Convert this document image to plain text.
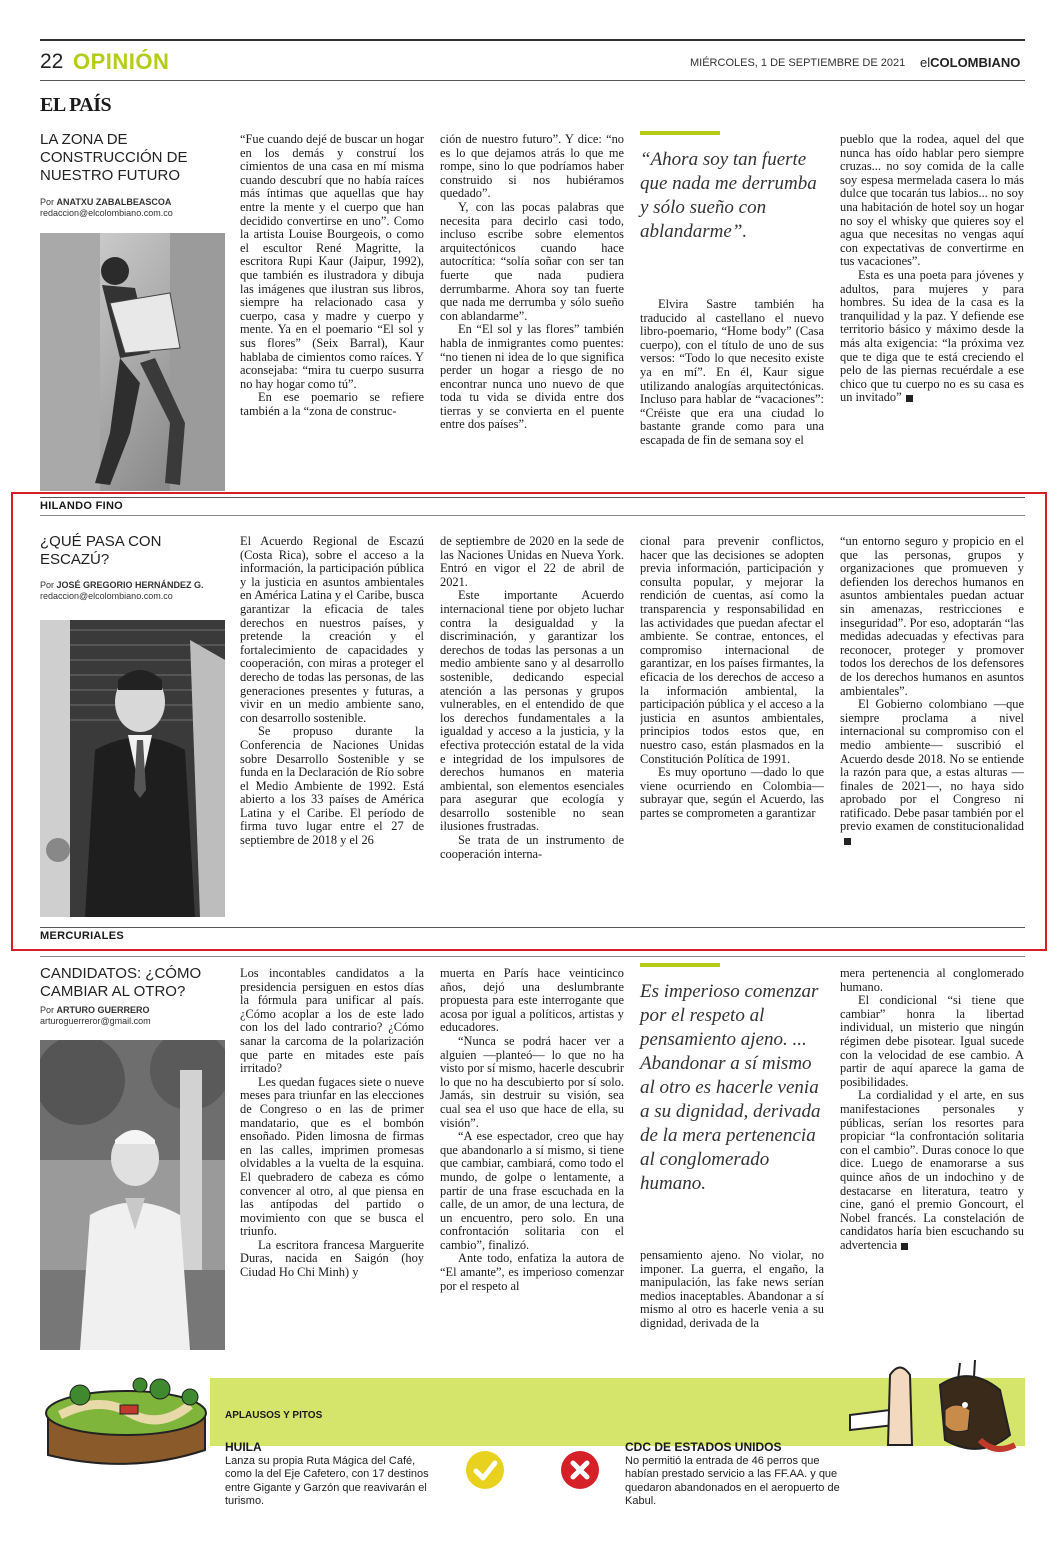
22 OPINIÓN	MIÉRCOLES, 1 DE SEPTIEMBRE DE 2021	elCOLOMBIANO
EL PAÍS
LA ZONA DE CONSTRUCCIÓN DE NUESTRO FUTURO
Por ANATXU ZABALBEASCOA
redaccion@elcolombiano.com.co

“Fue cuando dejé de buscar un hogar en los demás y construí los cimientos de una casa en mí misma cuando descubrí que no había raíces más íntimas que aquellas que hay entre la mente y el cuerpo que han decidido convertirse en uno”. Como la artista Louise Bourgeois, o como el escultor René Magritte, la escritora Rupi Kaur (Jaipur, 1992), que también es ilustradora y dibuja las imágenes que ilustran sus libros, siempre ha relacionado casa y cuerpo, casa y madre y cuerpo y mente. Ya en el poemario “El sol y sus flores” (Seix Barral), Kaur hablaba de cimientos como raíces. Y aconsejaba: “mira tu cuerpo susurra no hay hogar como tú”.

En ese poemario se refiere también a la “zona de construc-

ción de nuestro futuro”. Y dice: “no es lo que dejamos atrás lo que me rompe, sino lo que podríamos haber construido si nos hubiéramos quedado”.

Y, con las pocas palabras que necesita para decirlo casi todo, incluso escribe sobre elementos arquitectónicos cuando hace autocrítica: “solía soñar con ser tan fuerte que nada pudiera derrumbarme. Ahora soy tan fuerte que nada me derrumba y sólo sueño con ablandarme”.

En “El sol y las flores” también habla de inmigrantes como puentes: “no tienen ni idea de lo que significa perder un hogar a riesgo de no encontrar nunca uno nuevo de que toda tu vida se divida entre dos tierras y se convierta en el puente entre dos países”.

“Ahora soy tan fuerte que nada me derrumba y sólo sueño con ablandarme”.

Elvira Sastre también ha traducido al castellano el nuevo libro-poemario, “Home body” (Casa cuerpo), con el título de uno de sus versos: “Todo lo que necesito existe ya en mí”. En él, Kaur sigue utilizando analogías arquitectónicas. Incluso para hablar de “vacaciones”: “Créiste que era una ciudad lo bastante grande como para una escapada de fin de semana soy el

pueblo que la rodea, aquel del que nunca has oído hablar pero siempre cruzas... no soy comida de la calle soy espesa mermelada casera lo más dulce que tocarán tus labios... no soy una habitación de hotel soy un hogar no soy el whisky que quieres soy el agua que necesitas no vengas aquí con expectativas de convertirme en tus vacaciones”.

Esta es una poeta para jóvenes y adultos, para mujeres y para hombres. Su idea de la casa es la tranquilidad y la paz. Y defiende ese territorio básico y máximo desde la más alta exigencia: “la próxima vez que te diga que te está creciendo el pelo de las piernas recuérdale a ese chico que tu cuerpo no es su casa es un invitado”

HILANDO FINO
¿QUÉ PASA CON ESCAZÚ?
Por JOSÉ GREGORIO HERNÁNDEZ G.
redaccion@elcolombiano.com.co

El Acuerdo Regional de Escazú (Costa Rica), sobre el acceso a la información, la participación pública y la justicia en asuntos ambientales en América Latina y el Caribe, busca garantizar la eficacia de tales derechos en nuestros países, y pretende la creación y el fortalecimiento de capacidades y cooperación, con miras a proteger el derecho de todas las personas, de las generaciones presentes y futuras, a vivir en un medio ambiente sano, con desarrollo sostenible.

Se propuso durante la Conferencia de Naciones Unidas sobre Desarrollo Sostenible y se funda en la Declaración de Río sobre el Medio Ambiente de 1992. Está abierto a los 33 países de América Latina y el Caribe. El período de firma tuvo lugar entre el 27 de septiembre de 2018 y el 26

de septiembre de 2020 en la sede de las Naciones Unidas en Nueva York. Entró en vigor el 22 de abril de 2021.

Este importante Acuerdo internacional tiene por objeto luchar contra la desigualdad y la discriminación, y garantizar los derechos de todas las personas a un medio ambiente sano y al desarrollo sostenible, dedicando especial atención a las personas y grupos vulnerables, en el entendido de que los derechos fundamentales a la igualdad y acceso a la justicia, y la efectiva protección estatal de la vida e integridad de los impulsores de derechos humanos en materia ambiental, son elementos esenciales para asegurar que ecología y desarrollo sostenible no sean ilusiones frustradas.

Se trata de un instrumento de cooperación interna-

cional para prevenir conflictos, hacer que las decisiones se adopten previa información, participación y consulta popular, y mejorar la rendición de cuentas, así como la transparencia y responsabilidad en las actividades que puedan afectar el ambiente. Se contrae, entonces, el compromiso internacional de garantizar, en los países firmantes, la eficacia de los derechos de acceso a la información ambiental, la participación pública y el acceso a la justicia en asuntos ambientales, principios todos estos que, en nuestro caso, están plasmados en la Constitución Política de 1991.

Es muy oportuno —dado lo que viene ocurriendo en Colombia— subrayar que, según el Acuerdo, las partes se comprometen a garantizar

“un entorno seguro y propicio en el que las personas, grupos y organizaciones que promueven y defienden los derechos humanos en asuntos ambientales puedan actuar sin amenazas, restricciones e inseguridad”. Por eso, adoptarán “las medidas adecuadas y efectivas para reconocer, proteger y promover todos los derechos de los defensores de los derechos humanos en asuntos ambientales”.

El Gobierno colombiano —que siempre proclama a nivel internacional su compromiso con el medio ambiente— suscribió el Acuerdo desde 2018. No se entiende la razón para que, a estas alturas —finales de 2021—, no haya sido aprobado por el Congreso ni ratificado. Debe pasar también por el previo examen de constitucionalidad

MERCURIALES
CANDIDATOS: ¿CÓMO CAMBIAR AL OTRO?
Por ARTURO GUERRERO
arturoguerreror@gmail.com

Los incontables candidatos a la presidencia persiguen en estos días la fórmula para unificar al país. ¿Cómo acoplar a los de este lado con los del lado contrario? ¿Cómo sanar la carcoma de la polarización que parte en mitades este país irritado?

Les quedan fugaces siete o nueve meses para triunfar en las elecciones de Congreso o en las de primer mandatario, que es el bombón ensoñado. Piden limosna de firmas en las calles, imprimen promesas olvidables a la vuelta de la esquina. El quebradero de cabeza es cómo convencer al otro, al que piensa en las antípodas del partido o movimiento con que se busca el triunfo.

La escritora francesa Marguerite Duras, nacida en Saigón (hoy Ciudad Ho Chi Minh) y

muerta en París hace veinticinco años, dejó una deslumbrante propuesta para este interrogante que acosa por igual a políticos, artistas y educadores.

“Nunca se podrá hacer ver a alguien —planteó— lo que no ha visto por sí mismo, hacerle descubrir lo que no ha descubierto por sí solo. Jamás, sin destruir su visión, sea cual sea el uso que hace de ella, su visión”.

“A ese espectador, creo que hay que abandonarlo a sí mismo, si tiene que cambiar, cambiará, como todo el mundo, de golpe o lentamente, a partir de una frase escuchada en la calle, de un amor, de una lectura, de un encuentro, pero solo. En una confrontación solitaria con el cambio”, finalizó.

Ante todo, enfatiza la autora de “El amante”, es imperioso comenzar por el respeto al

Es imperioso comenzar por el respeto al pensamiento ajeno. ... Abandonar a sí mismo al otro es hacerle venia a su dignidad, derivada de la mera pertenencia al conglomerado humano.

pensamiento ajeno. No violar, no imponer. La guerra, el engaño, la manipulación, las fake news serían medios inaceptables. Abandonar a sí mismo al otro es hacerle venia a su dignidad, derivada de la

mera pertenencia al conglomerado humano.

El condicional “si tiene que cambiar” honra la libertad individual, un misterio que ningún régimen debe pisotear. Igual sucede con la velocidad de ese cambio. A partir de aquí aparece la gama de posibilidades.

La cordialidad y el arte, en sus manifestaciones personales y públicas, serían los resortes para propiciar “la confrontación solitaria con el cambio”. Duras conoce lo que dice. Luego de enamorarse a sus quince años de un indochino y de destacarse en literatura, teatro y cine, ganó el premio Goncourt, el Nobel francés. La constelación de candidatos haría bien escuchando su advertencia

APLAUSOS Y PITOS
HUILA
Lanza su propia Ruta Mágica del Café, como la del Eje Cafetero, con 17 destinos entre Gigante y Garzón que reavivarán el turismo.
CDC DE ESTADOS UNIDOS
No permitió la entrada de 46 perros que habían prestado servicio a las FF.AA. y que quedaron abandonados en el aeropuerto de Kabul.
